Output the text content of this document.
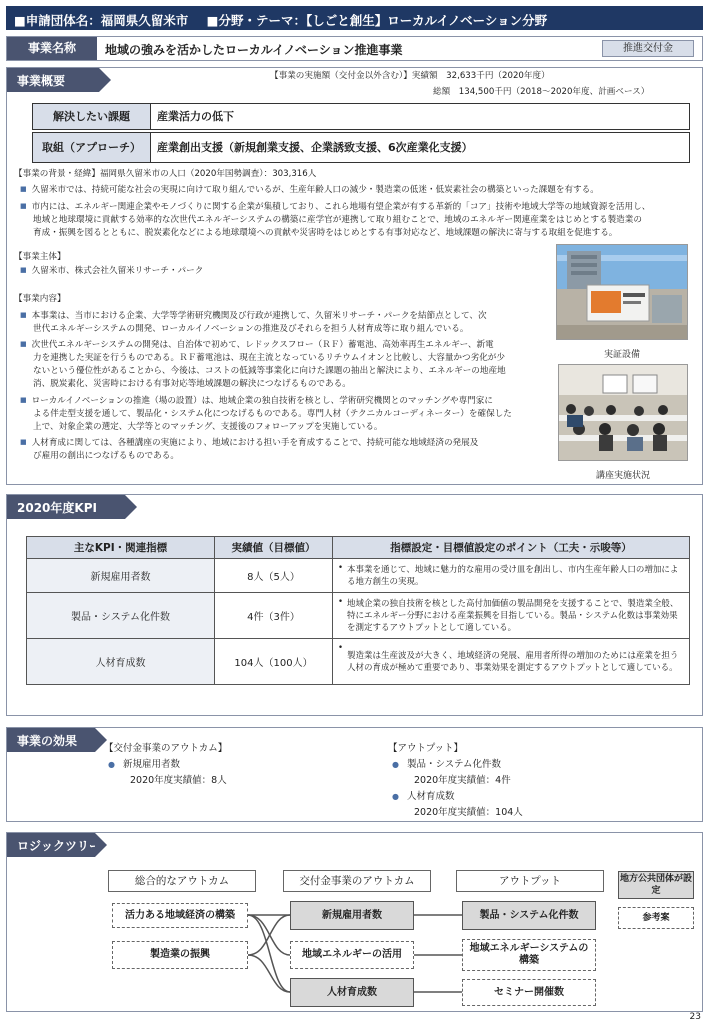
■申請団体名：福岡県久留米市 ■分野・テーマ：【しごと創生】ローカルイノベーション分野
事業名称	地域の強みを活かしたローカルイノベーション推進事業	推進交付金
事業概要	【事業の実施額（交付金以外含む）】実績額　32,633千円（2020年度）
総額　134,500千円（2018～2020年度、計画ベース）
解決したい課題	産業活力の低下
取組（アプローチ）	産業創出支援（新規創業支援、企業誘致支援、6次産業化支援）
【事業の背景・経緯】福岡県久留米市の人口（2020年国勢調査）：303,316人
■ 久留米市では、持続可能な社会の実現に向けて取り組んでいるが、生産年齢人口の減少・製造業の低迷・低炭素社会の構築といった課題を有する。
■ 市内には、エネルギー関連企業やモノづくりに関する企業が集積しており、これら地場有望企業が有する革新的「コア」技術や地域大学等の地域資源を活用し、
地域と地球環境に貢献する効率的な次世代エネルギーシステムの構築に産学官が連携して取り組むことで、地域のエネルギー関連産業をはじめとする製造業の
育成・振興を図るとともに、脱炭素化などによる地球環境への貢献や災害時をはじめとする有事対応など、地域課題の解決に寄与する取組を促進する。
【事業主体】
■ 久留米市、株式会社久留米リサーチ・パーク
【事業内容】
■ 本事業は、当市における企業、大学等学術研究機関及び行政が連携して、久留米リサーチ・パークを結節点として、次
世代エネルギーシステムの開発、ローカルイノベーションの推進及びそれらを担う人材育成等に取り組んでいる。
■ 次世代エネルギーシステムの開発は、自治体で初めて、レドックスフロー（ＲＦ）蓄電池、高効率再生エネルギー、新電
力を連携した実証を行うものである。ＲＦ蓄電池は、現在主流となっているリチウムイオンと比較し、大容量かつ劣化が少
ないという優位性があることから、今後は、コストの低減等事業化に向けた課題の抽出と解決により、エネルギーの地産地
消、脱炭素化、災害時における有事対応等地域課題の解決につなげるものである。
■ ローカルイノベーションの推進（場の設置）は、地域企業の独自技術を核とし、学術研究機関とのマッチングや専門家に
よる伴走型支援を通して、製品化・システム化につなげるものである。専門人材（テクニカルコーディネーター）を確保した
上で、対象企業の選定、大学等とのマッチング、支援後のフォローアップを実施している。
■ 人材育成に関しては、各種講座の実施により、地域における担い手を育成することで、持続可能な地域経済の発展及
び雇用の創出につなげるものである。
実証設備
講座実施状況
2020年度KPI
主なKPI・関連指標	実績値（目標値）	指標設定・目標値設定のポイント（工夫・示唆等）
新規雇用者数	8人（5人）	• 本事業を通じて、地域に魅力的な雇用の受け皿を創出し、市内生産年齢人口の増加による地方創生の実現。
製品・システム化件数	4件（3件）	• 地域企業の独自技術を核とした高付加価値の製品開発を支援することで、製造業全般、特にエネルギー分野における産業振興を目指している。製品・システム化数は事業効果を測定するアウトプットとして適している。
人材育成数	104人（100人）	• 製造業は生産波及が大きく、地域経済の発展、雇用者所得の増加のためには産業を担う人材の育成が極めて重要であり、事業効果を測定するアウトプットとして適している。
事業の効果
【交付金事業のアウトカム】
● 新規雇用者数
2020年度実績値：8人
【アウトプット】
● 製品・システム化件数
2020年度実績値：4件
● 人材育成数
2020年度実績値：104人
ロジックツリー
総合的なアウトカム	交付金事業のアウトカム	アウトプット	地方公共団体が設定
参考案
活力ある地域経済の構築
製造業の振興
新規雇用者数
地域エネルギーの活用
人材育成数
製品・システム化件数
地域エネルギーシステムの構築
セミナー開催数
23
